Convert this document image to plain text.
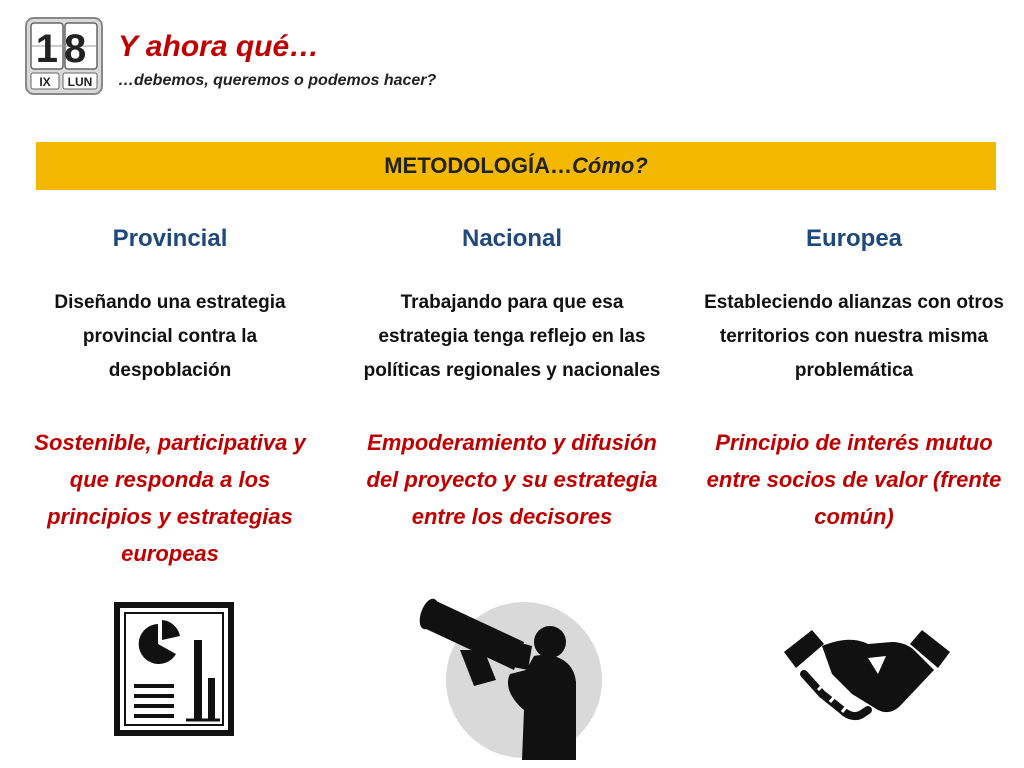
18
IX LUN
Y ahora qué…
…debemos, queremos o podemos hacer?
METODOLOGÍA…Cómo?
Provincial
Diseñando una estrategia provincial contra la despoblación
Sostenible, participativa y que responda a los principios y estrategias europeas
Nacional
Trabajando para que esa estrategia tenga reflejo en las políticas regionales y nacionales
Empoderamiento y difusión del proyecto y su estrategia entre los decisores
Europea
Estableciendo alianzas con otros territorios con nuestra misma problemática
Principio de interés mutuo entre socios de valor (frente común)
